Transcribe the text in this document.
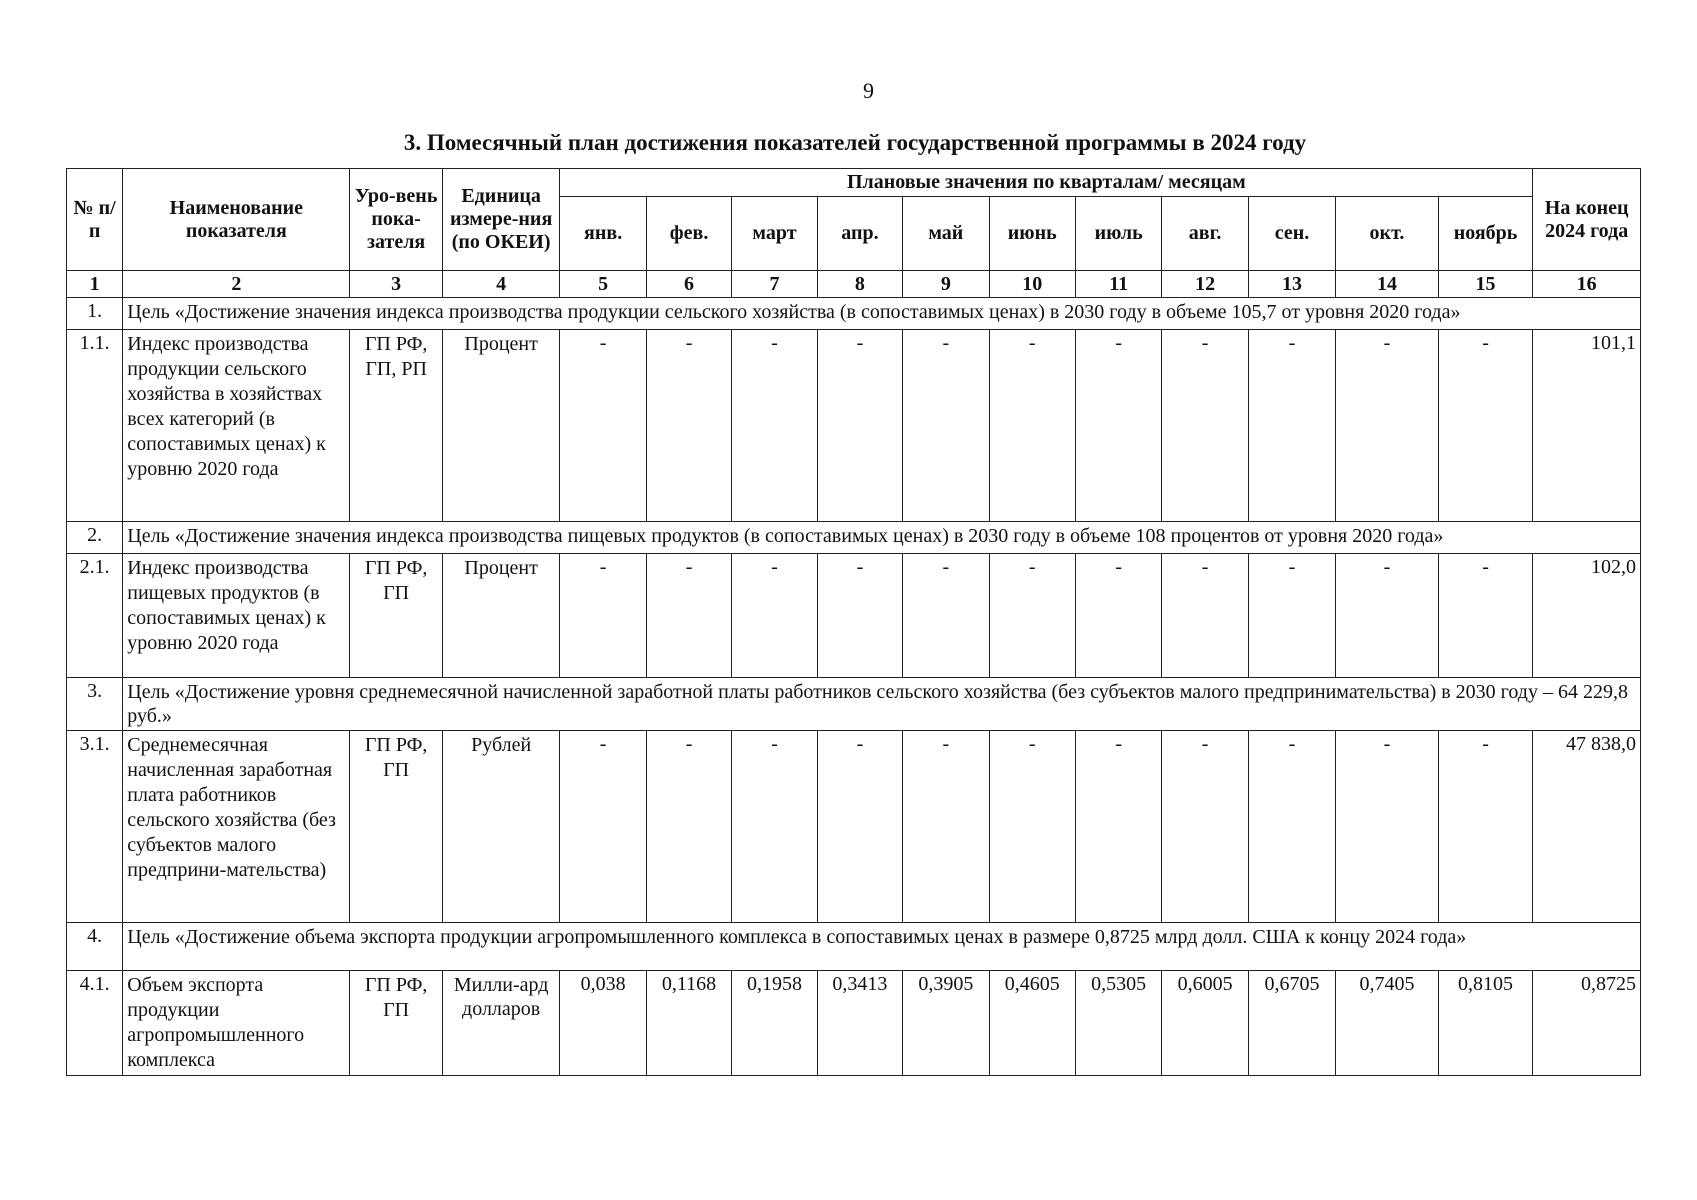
9
3. Помесячный план достижения показателей государственной программы в 2024 году
№ п/п	Наименование показателя	Уро-вень пока-зателя	Единица измере-ния (по ОКЕИ)	Плановые значения по кварталам/ месяцам											На конец 2024 года
				янв.	фев.	март	апр.	май	июнь	июль	авг.	сен.	окт.	ноябрь	
1	2	3	4	5	6	7	8	9	10	11	12	13	14	15	16
1.	Цель «Достижение значения индекса производства продукции сельского хозяйства (в сопоставимых ценах) в 2030 году в объеме 105,7 от уровня 2020 года»														
1.1.	Индекс производства продукции сельского хозяйства в хозяйствах всех категорий (в сопоставимых ценах) к уровню 2020 года	ГП РФ, ГП, РП	Процент	-	-	-	-	-	-	-	-	-	-	-	101,1
2.	Цель «Достижение значения индекса производства пищевых продуктов (в сопоставимых ценах) в 2030 году в объеме 108 процентов от уровня 2020 года»														
2.1.	Индекс производства пищевых продуктов (в сопоставимых ценах) к уровню 2020 года	ГП РФ, ГП	Процент	-	-	-	-	-	-	-	-	-	-	-	102,0
3.	Цель «Достижение уровня среднемесячной начисленной заработной платы работников сельского хозяйства (без субъектов малого предпринимательства) в 2030 году – 64 229,8 руб.»														
3.1.	Среднемесячная начисленная заработная плата работников сельского хозяйства (без субъектов малого предприни-мательства)	ГП РФ, ГП	Рублей	-	-	-	-	-	-	-	-	-	-	-	47 838,0
4.	Цель «Достижение объема экспорта продукции агропромышленного комплекса в сопоставимых ценах в размере 0,8725 млрд долл. США к концу 2024 года»														
4.1.	Объем экспорта продукции агропромышленного комплекса	ГП РФ, ГП	Милли-ард долларов	0,038	0,1168	0,1958	0,3413	0,3905	0,4605	0,5305	0,6005	0,6705	0,7405	0,8105	0,8725
